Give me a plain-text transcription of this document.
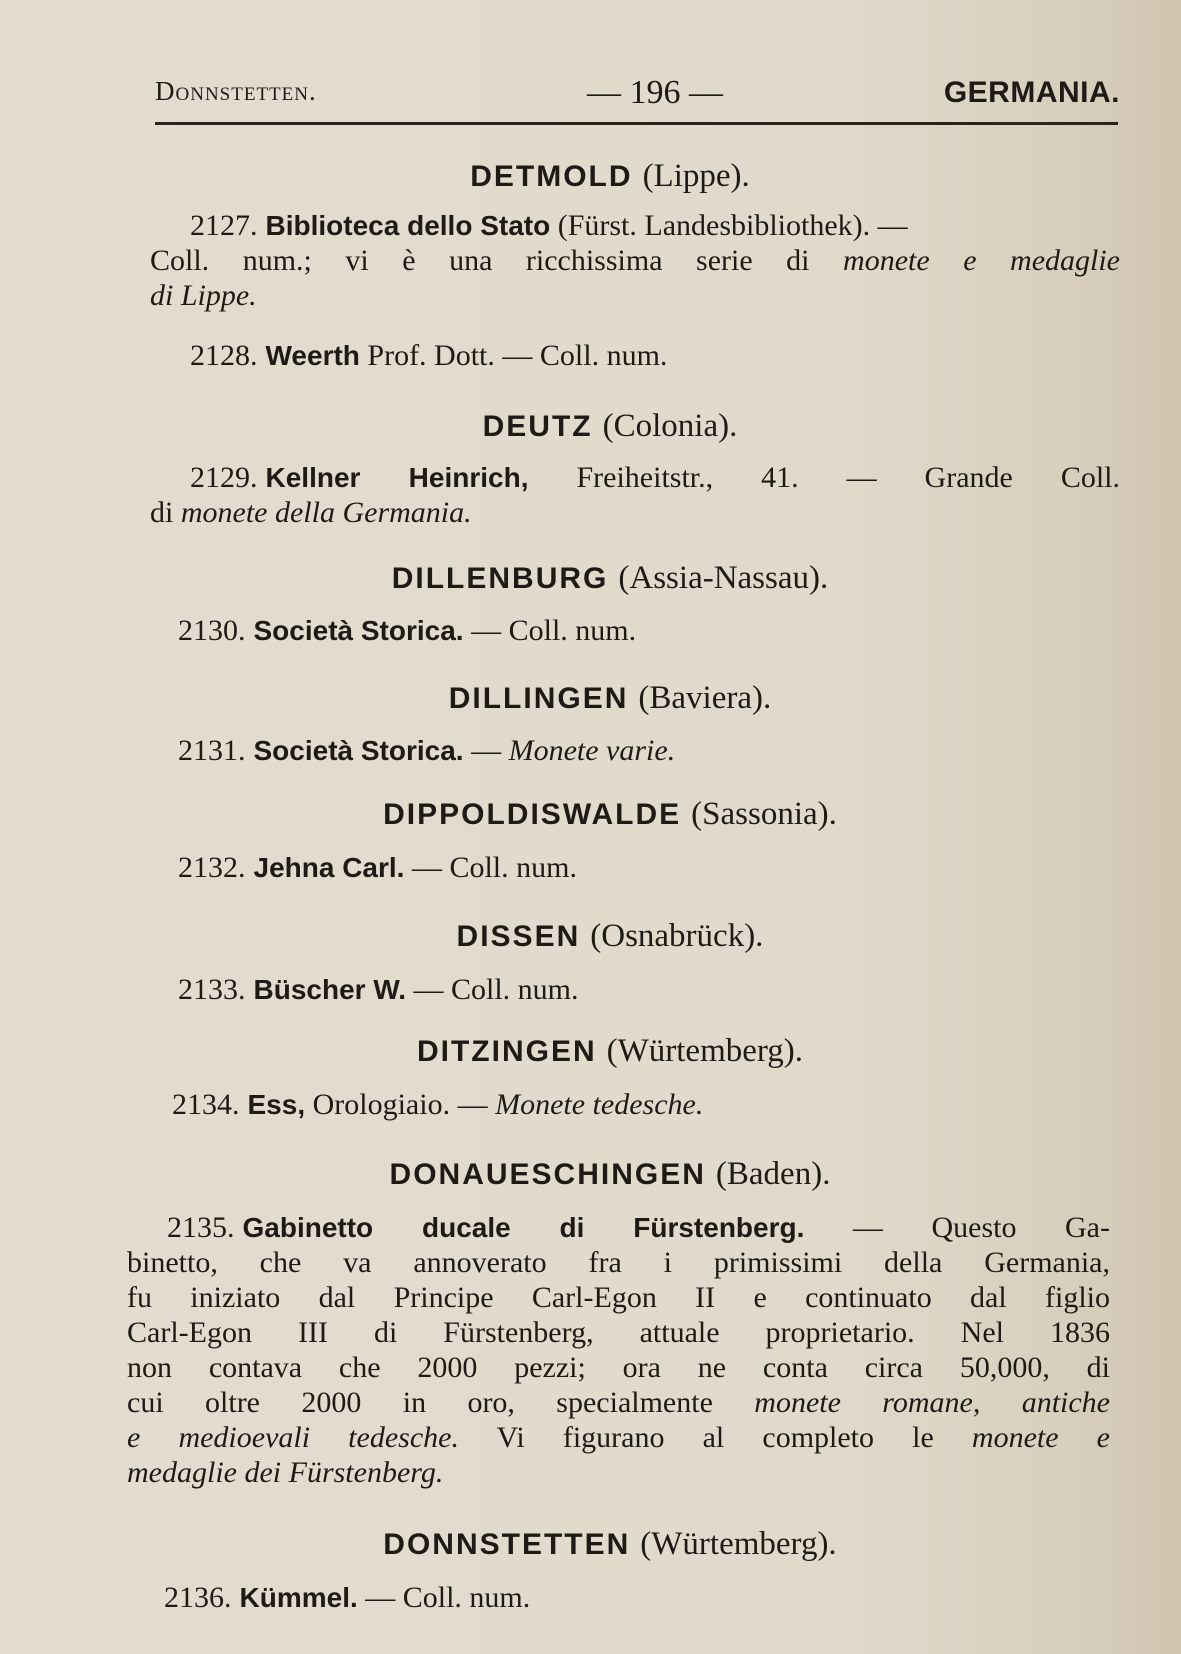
Donnstetten.	— 196 —	GERMANIA.
DETMOLD (Lippe).
2127. Biblioteca dello Stato (Fürst. Landesbibliothek). —
Coll. num.; vi è una ricchissima serie di monete e medaglie
di Lippe.
2128. Weerth Prof. Dott. — Coll. num.
DEUTZ (Colonia).
2129. Kellner Heinrich, Freiheitstr., 41. — Grande Coll.
di monete della Germania.
DILLENBURG (Assia-Nassau).
2130. Società Storica. — Coll. num.
DILLINGEN (Baviera).
2131. Società Storica. — Monete varie.
DIPPOLDISWALDE (Sassonia).
2132. Jehna Carl. — Coll. num.
DISSEN (Osnabrück).
2133. Büscher W. — Coll. num.
DITZINGEN (Würtemberg).
2134. Ess, Orologiaio. — Monete tedesche.
DONAUESCHINGEN (Baden).
2135. Gabinetto ducale di Fürstenberg. — Questo Ga-
binetto, che va annoverato fra i primissimi della Germania,
fu iniziato dal Principe Carl-Egon II e continuato dal figlio
Carl-Egon III di Fürstenberg, attuale proprietario. Nel 1836
non contava che 2000 pezzi; ora ne conta circa 50,000, di
cui oltre 2000 in oro, specialmente monete romane, antiche
e medioevali tedesche. Vi figurano al completo le monete e
medaglie dei Fürstenberg.
DONNSTETTEN (Würtemberg).
2136. Kümmel. — Coll. num.
